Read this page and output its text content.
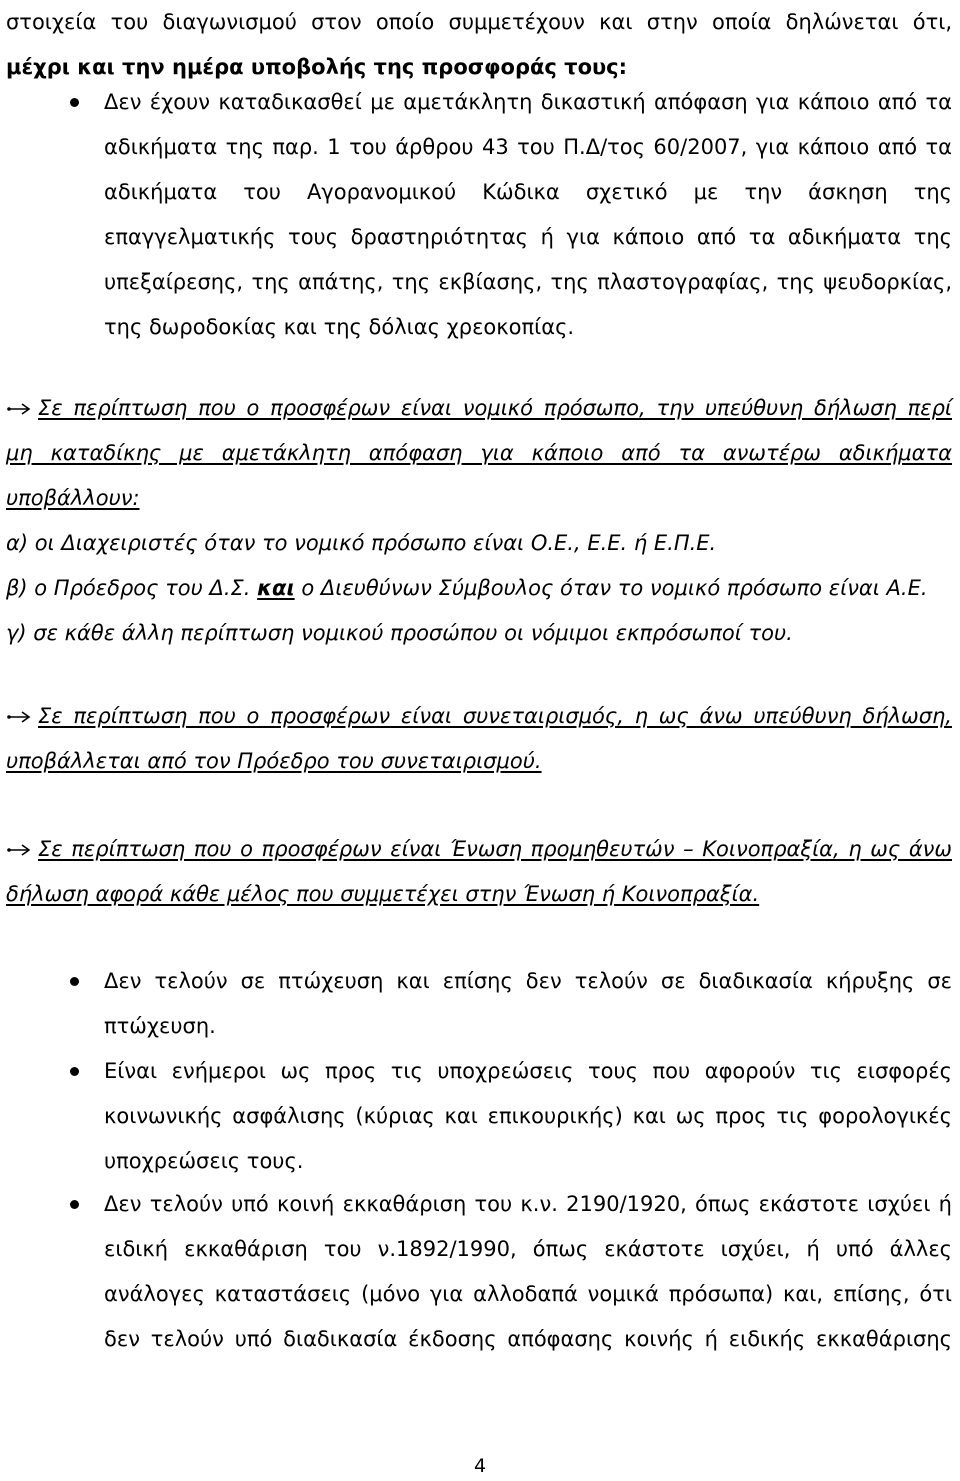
στοιχεία του διαγωνισμού στον οποίο συμμετέχουν και στην οποία δηλώνεται ότι,
μέχρι και την ημέρα υποβολής της προσφοράς τους:
Δεν έχουν καταδικασθεί με αμετάκλητη δικαστική απόφαση για κάποιο από τα
αδικήματα της παρ. 1 του άρθρου 43 του Π.Δ/τος 60/2007, για κάποιο από τα
αδικήματα του Αγορανομικού Κώδικα σχετικό με την άσκηση της
επαγγελματικής τους δραστηριότητας ή για κάποιο από τα αδικήματα της
υπεξαίρεσης, της απάτης, της εκβίασης, της πλαστογραφίας, της ψευδορκίας,
της δωροδοκίας και της δόλιας χρεοκοπίας.
Σε περίπτωση που ο προσφέρων είναι νομικό πρόσωπο, την υπεύθυνη δήλωση περί
μη καταδίκης με αμετάκλητη απόφαση για κάποιο από τα ανωτέρω αδικήματα
υποβάλλουν:
α) οι Διαχειριστές όταν το νομικό πρόσωπο είναι Ο.Ε., Ε.Ε. ή Ε.Π.Ε.
β) ο Πρόεδρος του Δ.Σ. και ο Διευθύνων Σύμβουλος όταν το νομικό πρόσωπο είναι Α.Ε.
γ) σε κάθε άλλη περίπτωση νομικού προσώπου οι νόμιμοι εκπρόσωποί του.
Σε περίπτωση που ο προσφέρων είναι συνεταιρισμός, η ως άνω υπεύθυνη δήλωση,
υποβάλλεται από τον Πρόεδρο του συνεταιρισμού.
Σε περίπτωση που ο προσφέρων είναι Ένωση προμηθευτών – Κοινοπραξία, η ως άνω
δήλωση αφορά κάθε μέλος που συμμετέχει στην Ένωση ή Κοινοπραξία.
Δεν τελούν σε πτώχευση και επίσης δεν τελούν σε διαδικασία κήρυξης σε
πτώχευση.
Είναι ενήμεροι ως προς τις υποχρεώσεις τους που αφορούν τις εισφορές
κοινωνικής ασφάλισης (κύριας και επικουρικής) και ως προς τις φορολογικές
υποχρεώσεις τους.
Δεν τελούν υπό κοινή εκκαθάριση του κ.ν. 2190/1920, όπως εκάστοτε ισχύει ή
ειδική εκκαθάριση του ν.1892/1990, όπως εκάστοτε ισχύει, ή υπό άλλες
ανάλογες καταστάσεις (μόνο για αλλοδαπά νομικά πρόσωπα) και, επίσης, ότι
δεν τελούν υπό διαδικασία έκδοσης απόφασης κοινής ή ειδικής εκκαθάρισης
4
